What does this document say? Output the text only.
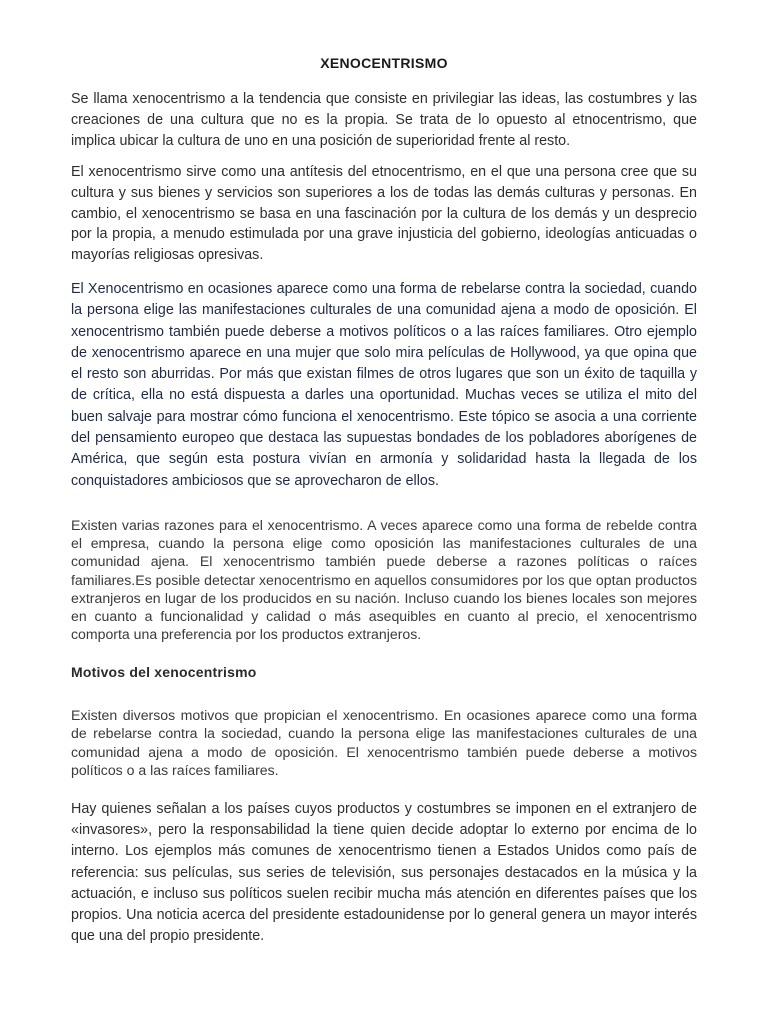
XENOCENTRISMO

Se llama xenocentrismo a la tendencia que consiste en privilegiar las ideas, las costumbres y las creaciones de una cultura que no es la propia. Se trata de lo opuesto al etnocentrismo, que implica ubicar la cultura de uno en una posición de superioridad frente al resto.

El xenocentrismo sirve como una antítesis del etnocentrismo, en el que una persona cree que su cultura y sus bienes y servicios son superiores a los de todas las demás culturas y personas. En cambio, el xenocentrismo se basa en una fascinación por la cultura de los demás y un desprecio por la propia, a menudo estimulada por una grave injusticia del gobierno, ideologías anticuadas o mayorías religiosas opresivas.

El Xenocentrismo en ocasiones aparece como una forma de rebelarse contra la sociedad, cuando la persona elige las manifestaciones culturales de una comunidad ajena a modo de oposición. El xenocentrismo también puede deberse a motivos políticos o a las raíces familiares. Otro ejemplo de xenocentrismo aparece en una mujer que solo mira películas de Hollywood, ya que opina que el resto son aburridas. Por más que existan filmes de otros lugares que son un éxito de taquilla y de crítica, ella no está dispuesta a darles una oportunidad. Muchas veces se utiliza el mito del buen salvaje para mostrar cómo funciona el xenocentrismo. Este tópico se asocia a una corriente del pensamiento europeo que destaca las supuestas bondades de los pobladores aborígenes de América, que según esta postura vivían en armonía y solidaridad hasta la llegada de los conquistadores ambiciosos que se aprovecharon de ellos.

Existen varias razones para el xenocentrismo. A veces aparece como una forma de rebelde contra el empresa, cuando la persona elige como oposición las manifestaciones culturales de una comunidad ajena. El xenocentrismo también puede deberse a razones políticas o raíces familiares.Es posible detectar xenocentrismo en aquellos consumidores por los que optan productos extranjeros en lugar de los producidos en su nación. Incluso cuando los bienes locales son mejores en cuanto a funcionalidad y calidad o más asequibles en cuanto al precio, el xenocentrismo comporta una preferencia por los productos extranjeros.

Motivos del xenocentrismo

Existen diversos motivos que propician el xenocentrismo. En ocasiones aparece como una forma de rebelarse contra la sociedad, cuando la persona elige las manifestaciones culturales de una comunidad ajena a modo de oposición. El xenocentrismo también puede deberse a motivos políticos o a las raíces familiares.

Hay quienes señalan a los países cuyos productos y costumbres se imponen en el extranjero de «invasores», pero la responsabilidad la tiene quien decide adoptar lo externo por encima de lo interno. Los ejemplos más comunes de xenocentrismo tienen a Estados Unidos como país de referencia: sus películas, sus series de televisión, sus personajes destacados en la música y la actuación, e incluso sus políticos suelen recibir mucha más atención en diferentes países que los propios. Una noticia acerca del presidente estadounidense por lo general genera un mayor interés que una del propio presidente.
